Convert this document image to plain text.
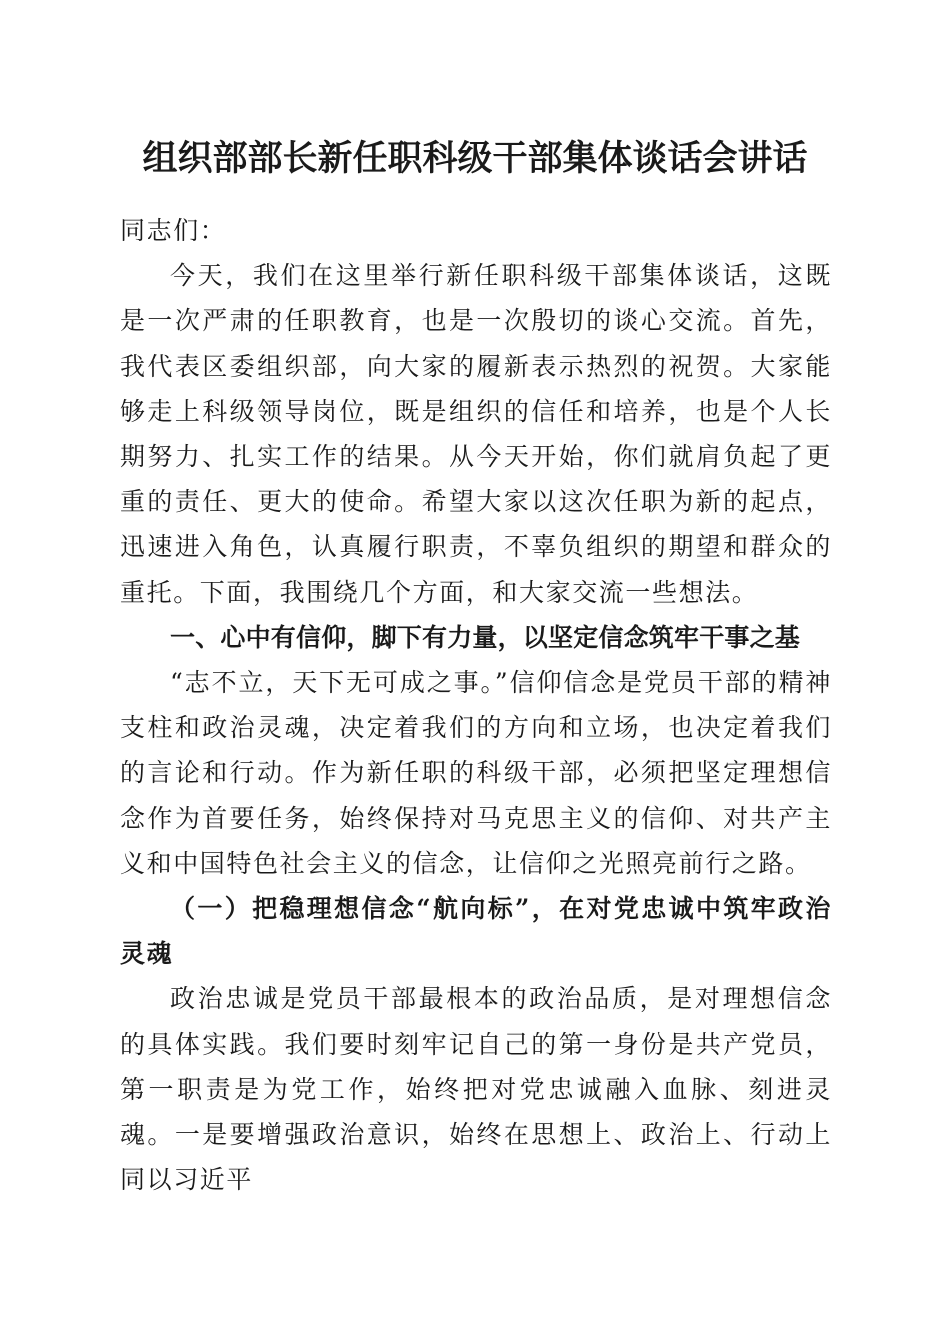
组织部部长新任职科级干部集体谈话会讲话

同志们：

今天，我们在这里举行新任职科级干部集体谈话，这既是一次严肃的任职教育，也是一次殷切的谈心交流。首先，我代表区委组织部，向大家的履新表示热烈的祝贺。大家能够走上科级领导岗位，既是组织的信任和培养，也是个人长期努力、扎实工作的结果。从今天开始，你们就肩负起了更重的责任、更大的使命。希望大家以这次任职为新的起点，迅速进入角色，认真履行职责，不辜负组织的期望和群众的重托。下面，我围绕几个方面，和大家交流一些想法。

一、心中有信仰，脚下有力量，以坚定信念筑牢干事之基

“志不立，天下无可成之事。”信仰信念是党员干部的精神支柱和政治灵魂，决定着我们的方向和立场，也决定着我们的言论和行动。作为新任职的科级干部，必须把坚定理想信念作为首要任务，始终保持对马克思主义的信仰、对共产主义和中国特色社会主义的信念，让信仰之光照亮前行之路。

（一）把稳理想信念“航向标”，在对党忠诚中筑牢政治灵魂

政治忠诚是党员干部最根本的政治品质，是对理想信念的具体实践。我们要时刻牢记自己的第一身份是共产党员，第一职责是为党工作，始终把对党忠诚融入血脉、刻进灵魂。一是要增强政治意识，始终在思想上、政治上、行动上同以习近平
